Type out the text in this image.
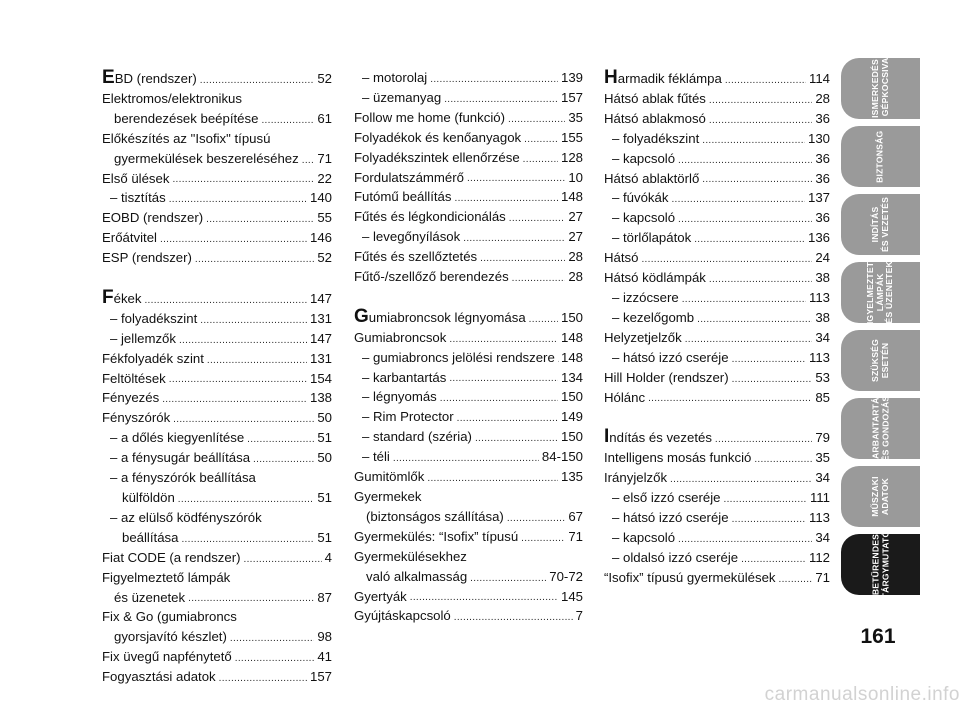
EBD (rendszer) .....	52
Elektromos/elektronikus
berendezések beépítése .....	61
Előkészítés az "Isofix" típusú
gyermekülések beszereléséhez ..... 71
Első ülések .....	22
– tisztítás .....	140
EOBD (rendszer) .....	55
Erőátvitel .....	146
ESP (rendszer) .....	52
Fékek .....	147
– folyadékszint .....	131
– jellemzők .....	147
Fékfolyadék szint .....	131
Feltöltések .....	154
Fényezés .....	138
Fényszórók .....	50
– a dőlés kiegyenlítése .....	51
– a fénysugár beállítása .....	50
– a fényszórók beállítása
külföldön .....	51
– az elülső ködfényszórók
beállítása .....	51
Fiat CODE (a rendszer) .....	4
Figyelmeztető lámpák
és üzenetek .....	87
Fix & Go (gumiabroncs
gyorsjavító készlet) .....	98
Fix üvegű napfénytető .....	41
Fogyasztási adatok .....	157
– motorolaj .....	139
– üzemanyag .....	157
Follow me home (funkció) .....	35
Folyadékok és kenőanyagok .....	155
Folyadékszintek ellenőrzése .....	128
Fordulatszámmérő .....	10
Futómű beállítás .....	148
Fűtés és légkondicionálás .....	27
– levegőnyílások .....	27
Fűtés és szellőztetés .....	28
Fűtő-/szellőző berendezés .....	28
Gumiabroncsok légnyomása .....	150
Gumiabroncsok .....	148
– gumiabroncs jelölési rendszere ..... 148
– karbantartás .....	134
– légnyomás .....	150
– Rim Protector .....	149
– standard (széria) .....	150
– téli .....	84-150
Gumitömlők .....	135
Gyermekek
(biztonságos szállítása) .....	67
Gyermekülés: “Isofix” típusú .....	71
Gyermekülésekhez
való alkalmasság .....	70-72
Gyertyák .....	145
Gyújtáskapcsoló .....	7
Harmadik féklámpa .....	114
Hátsó ablak fűtés .....	28
Hátsó ablakmosó .....	36
– folyadékszint .....	130
– kapcsoló .....	36
Hátsó ablaktörlő .....	36
– fúvókák .....	137
– kapcsoló .....	36
– törlőlapátok .....	136
Hátsó .....	24
Hátsó ködlámpák .....	38
– izzócsere .....	113
– kezelőgomb .....	38
Helyzetjelzők .....	34
– hátsó izzó cseréje .....	113
Hill Holder (rendszer) .....	53
Hólánc .....	85
Indítás és vezetés .....	79
Intelligens mosás funkció .....	35
Irányjelzők .....	34
– első izzó cseréje .....	111
– hátsó izzó cseréje .....	113
– kapcsoló .....	34
– oldalsó izzó cseréje .....	112
“Isofix” típusú gyermekülések .....	71
ISMERKEDÉS
A GÉPKOCSIVAL
BIZTONSÁG
INDÍTÁS
ÉS VEZETÉS
FIGYELMEZTETŐ
LÁMPÁK
ÉS ÜZENETEK
SZÜKSÉG
ESETÉN
KARBANTARTÁS
ÉS GONDOZÁS
MŰSZAKI
ADATOK
BETŰRENDES
TÁRGYMUTATÓ
161
carmanualsonline.info
